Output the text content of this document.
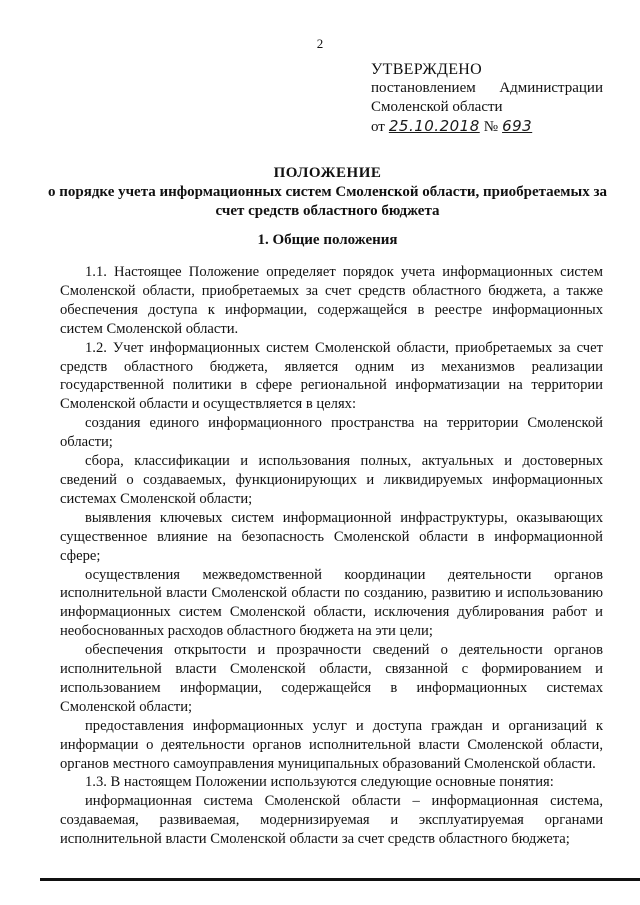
2
УТВЕРЖДЕНО
постановлением Администрации
Смоленской области
от 25.10.2018 № 693
ПОЛОЖЕНИЕ
о порядке учета информационных систем Смоленской области, приобретаемых за счет средств областного бюджета
1. Общие положения

1.1. Настоящее Положение определяет порядок учета информационных систем Смоленской области, приобретаемых за счет средств областного бюджета, а также обеспечения доступа к информации, содержащейся в реестре информационных систем Смоленской области.

1.2. Учет информационных систем Смоленской области, приобретаемых за счет средств областного бюджета, является одним из механизмов реализации государственной политики в сфере региональной информатизации на территории Смоленской области и осуществляется в целях:

создания единого информационного пространства на территории Смоленской области;

сбора, классификации и использования полных, актуальных и достоверных сведений о создаваемых, функционирующих и ликвидируемых информационных системах Смоленской области;

выявления ключевых систем информационной инфраструктуры, оказывающих существенное влияние на безопасность Смоленской области в информационной сфере;

осуществления межведомственной координации деятельности органов исполнительной власти Смоленской области по созданию, развитию и использованию информационных систем Смоленской области, исключения дублирования работ и необоснованных расходов областного бюджета на эти цели;

обеспечения открытости и прозрачности сведений о деятельности органов исполнительной власти Смоленской области, связанной с формированием и использованием информации, содержащейся в информационных системах Смоленской области;

предоставления информационных услуг и доступа граждан и организаций к информации о деятельности органов исполнительной власти Смоленской области, органов местного самоуправления муниципальных образований Смоленской области.

1.3. В настоящем Положении используются следующие основные понятия:

информационная система Смоленской области – информационная система, создаваемая, развиваемая, модернизируемая и эксплуатируемая органами исполнительной власти Смоленской области за счет средств областного бюджета;
